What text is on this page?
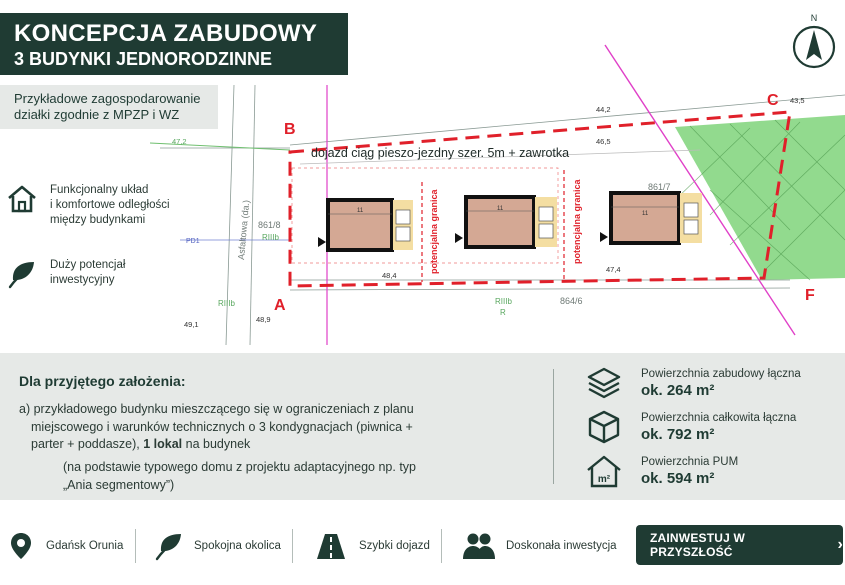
KONCEPCJA ZABUDOWY
3 BUDYNKI JEDNORODZINNE
Przykładowe zagospodarowanie
działki zgodnie z MPZP i WZ
Funkcjonalny układ
i komfortowe odległości
między budynkami
Duży potencjał
inwestycyjny
N
dojazd ciąg pieszo-jezdny szer. 5m + zawrotka
B
C
A
F
potencjalna granica	potencjalna granica
Asfaltowa (da.)	11	11
11
861/8
861/7
864/6
RIIIb
RIIIb	RIIIb
R
47,2
44,2
43,5
46,5
48,4
47,4
49,1
48,9
PD1
Dla przyjętego założenia:
a) przykładowego budynku mieszczącego się w ograniczeniach z planu
miejscowego i warunków technicznych o 3 kondygnacjach (piwnica +
parter + poddasze), 1 lokal na budynek
(na podstawie typowego domu z projektu adaptacyjnego np. typ
„Ania segmentowy”)
Powierzchnia zabudowy łączna
ok. 264 m²
Powierzchnia całkowita łączna
ok. 792 m²
m²
Powierzchnia PUM
ok. 594 m²
Gdańsk Orunia	Spokojna okolica	Szybki dojazd	Doskonała inwestycja
ZAINWESTUJ W PRZYSZŁOŚĆ	›
